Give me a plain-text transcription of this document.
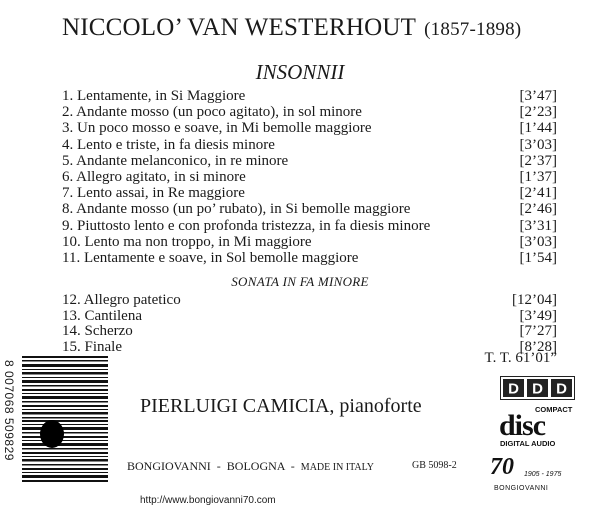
NICCOLO’ VAN WESTERHOUT (1857-1898)
INSONNII
1. Lentamente, in Si Maggiore	[3’47]
2. Andante mosso (un poco agitato), in sol minore	[2’23]
3. Un poco mosso e soave, in Mi bemolle maggiore	[1’44]
4. Lento e triste, in fa diesis minore	[3’03]
5. Andante melanconico, in re minore	[2’37]
6. Allegro agitato, in si minore	[1’37]
7. Lento assai, in Re maggiore	[2’41]
8. Andante mosso (un po’ rubato), in Si bemolle maggiore	[2’46]
9. Piuttosto lento e con profonda tristezza, in fa diesis minore	[3’31]
10. Lento ma non troppo, in Mi maggiore	[3’03]
11. Lentamente e soave, in Sol bemolle maggiore	[1’54]
SONATA IN FA MINORE
12. Allegro patetico	[12’04]
13. Cantilena	[3’49]
14. Scherzo	[7’27]
15. Finale	[8’28]
T. T. 61’01”
8 007068 509829	PIERLUIGI CAMICIA, pianoforte
BONGIOVANNI - BOLOGNA - MADE IN ITALY	GB 5098-2
http://www.bongiovanni70.com
D D D
COMPACT
disc
DIGITAL AUDIO
70 1905 - 1975
BONGIOVANNI
